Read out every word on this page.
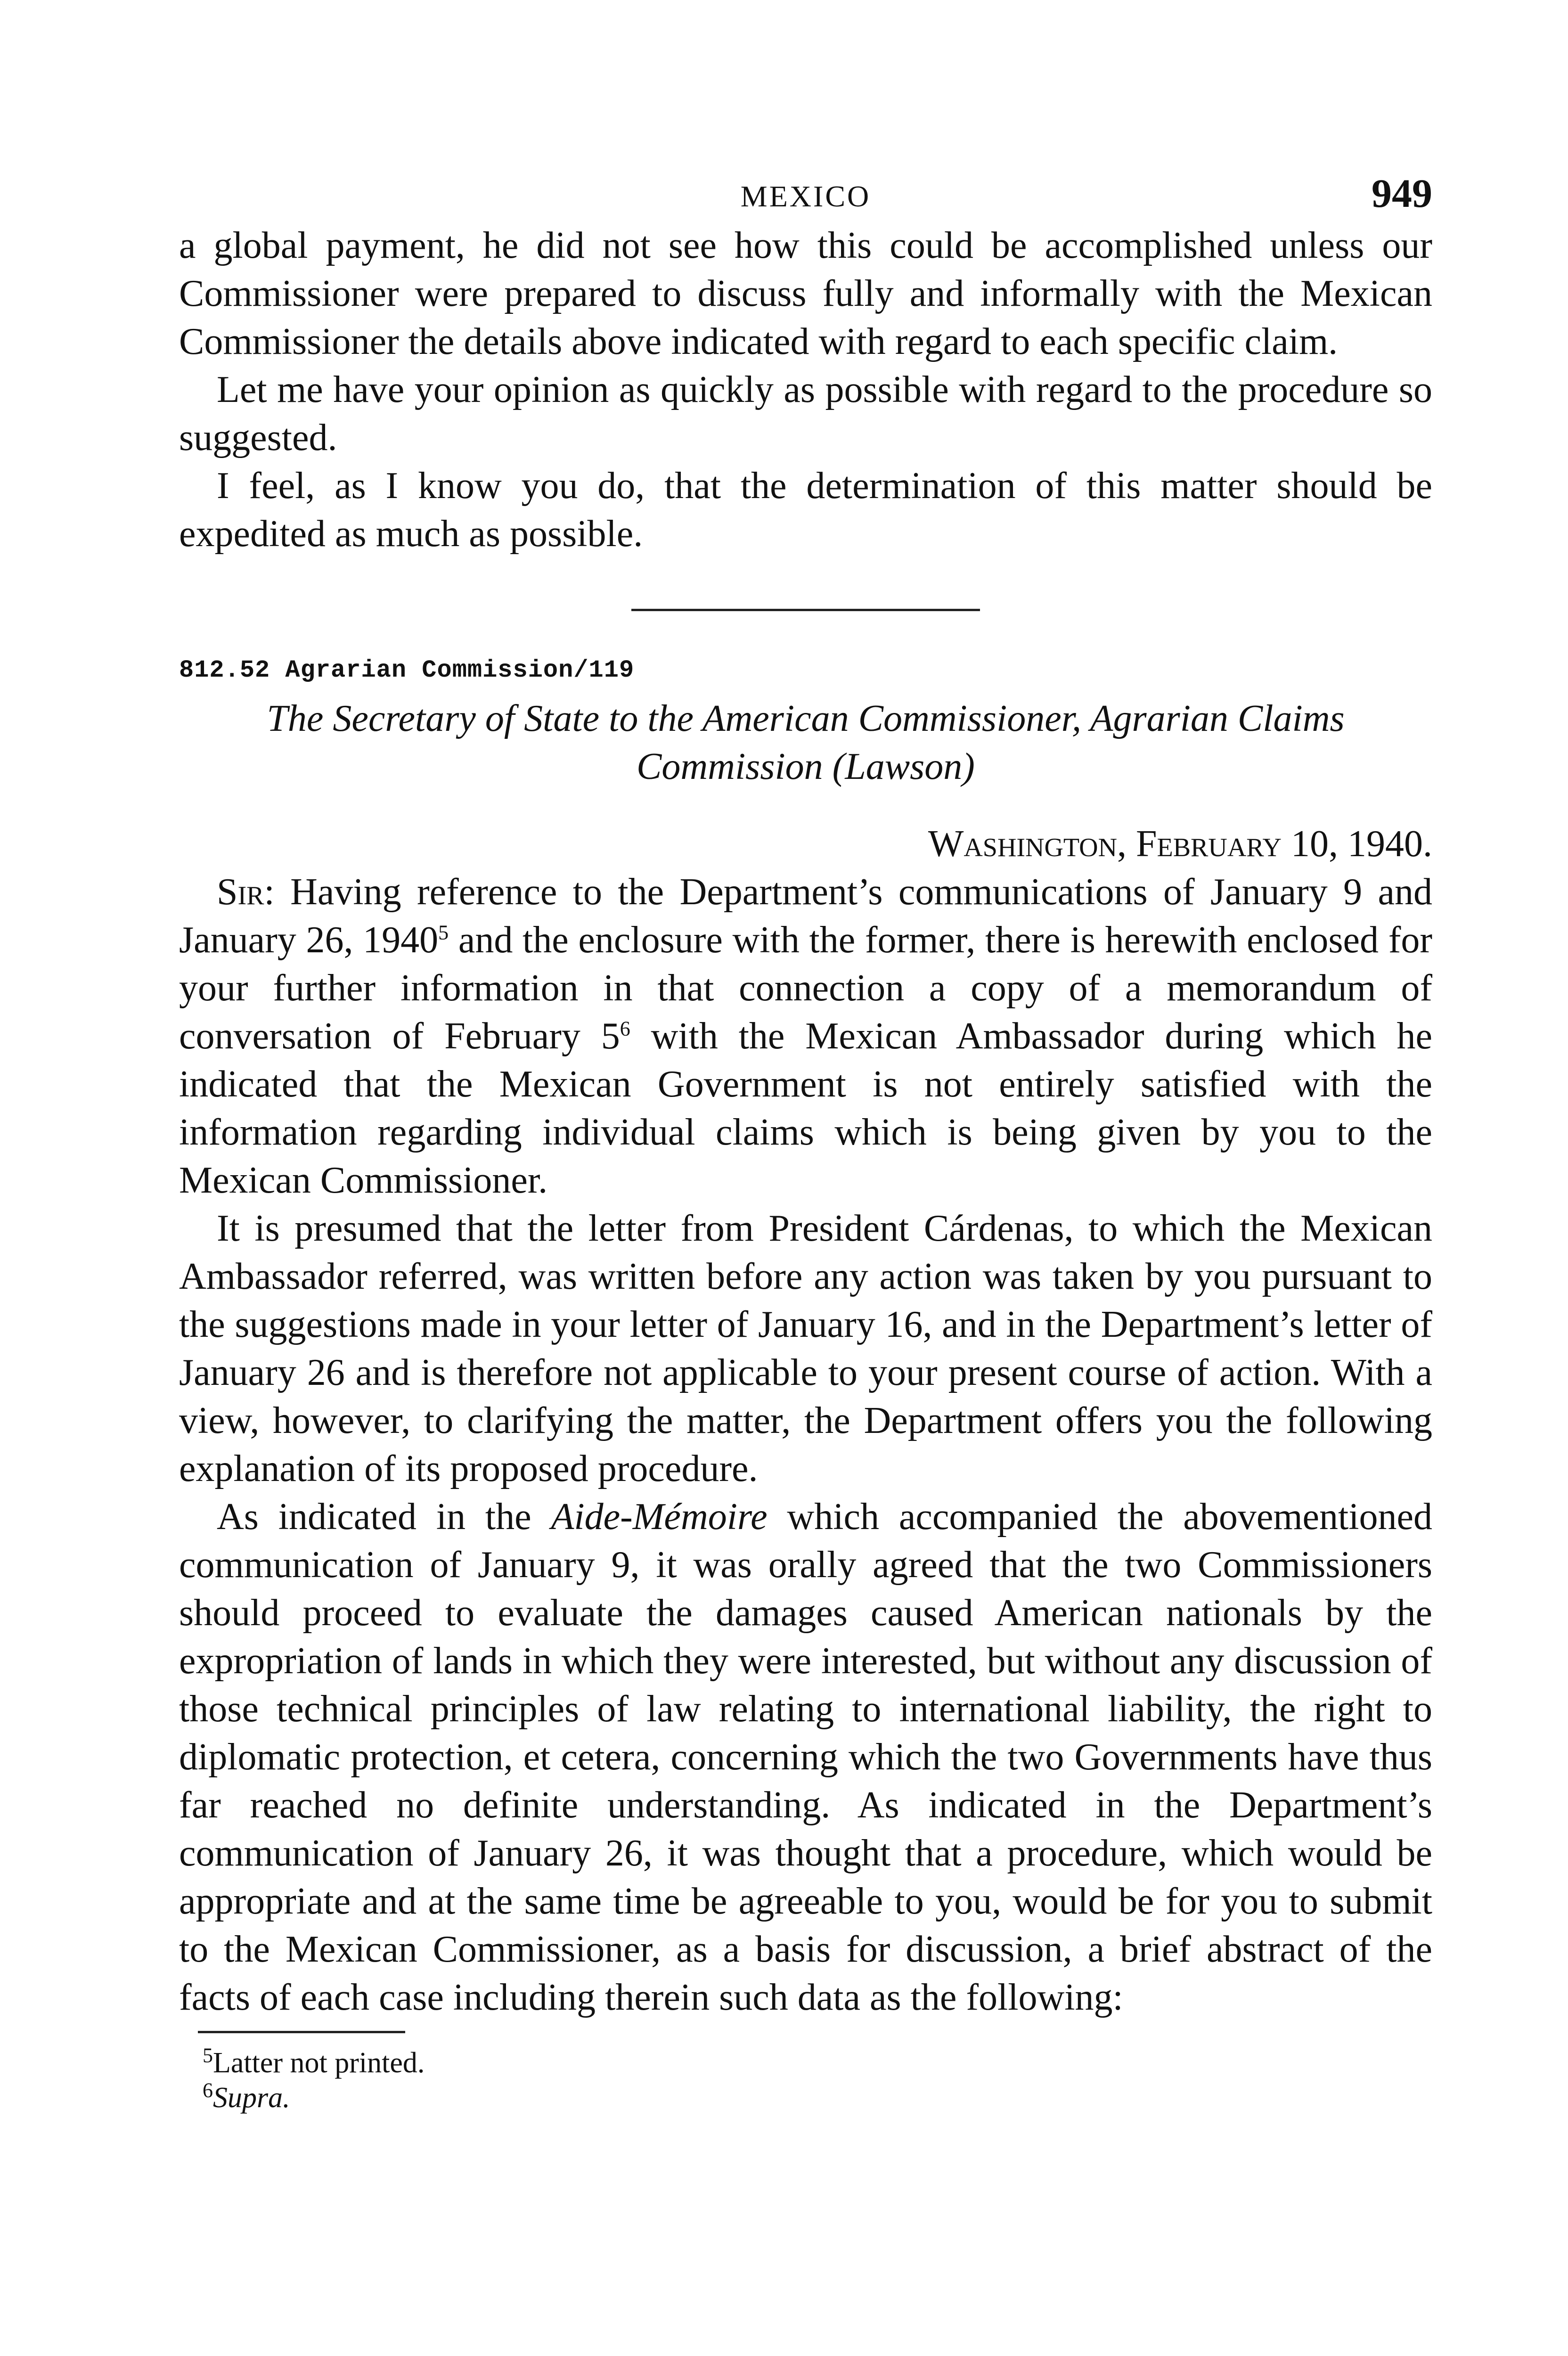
MEXICO	949

a global payment, he did not see how this could be accomplished unless our Commissioner were prepared to discuss fully and informally with the Mexican Commissioner the details above indicated with regard to each specific claim.

Let me have your opinion as quickly as possible with regard to the procedure so suggested.

I feel, as I know you do, that the determination of this matter should be expedited as much as possible.

812.52 Agrarian Commission/119

The Secretary of State to the American Commissioner, Agrarian Claims Commission (Lawson)

Washington, February 10, 1940.

Sir: Having reference to the Department’s communications of January 9 and January 26, 1940$^5$ and the enclosure with the former, there is herewith enclosed for your further information in that connection a copy of a memorandum of conversation of February $5^6$ with the Mexican Ambassador during which he indicated that the Mexican Government is not entirely satisfied with the information regarding individual claims which is being given by you to the Mexican Commissioner.

It is presumed that the letter from President Cárdenas, to which the Mexican Ambassador referred, was written before any action was taken by you pursuant to the suggestions made in your letter of January 16, and in the Department’s letter of January 26 and is therefore not applicable to your present course of action. With a view, however, to clarifying the matter, the Department offers you the following explanation of its proposed procedure.

As indicated in the Aide-Mémoire which accompanied the abovementioned communication of January 9, it was orally agreed that the two Commissioners should proceed to evaluate the damages caused American nationals by the expropriation of lands in which they were interested, but without any discussion of those technical principles of law relating to international liability, the right to diplomatic protection, et cetera, concerning which the two Governments have thus far reached no definite understanding. As indicated in the Department’s communication of January 26, it was thought that a procedure, which would be appropriate and at the same time be agreeable to you, would be for you to submit to the Mexican Commissioner, as a basis for discussion, a brief abstract of the facts of each case including therein such data as the following:

$^5$Latter not printed.

$^6$Supra.
